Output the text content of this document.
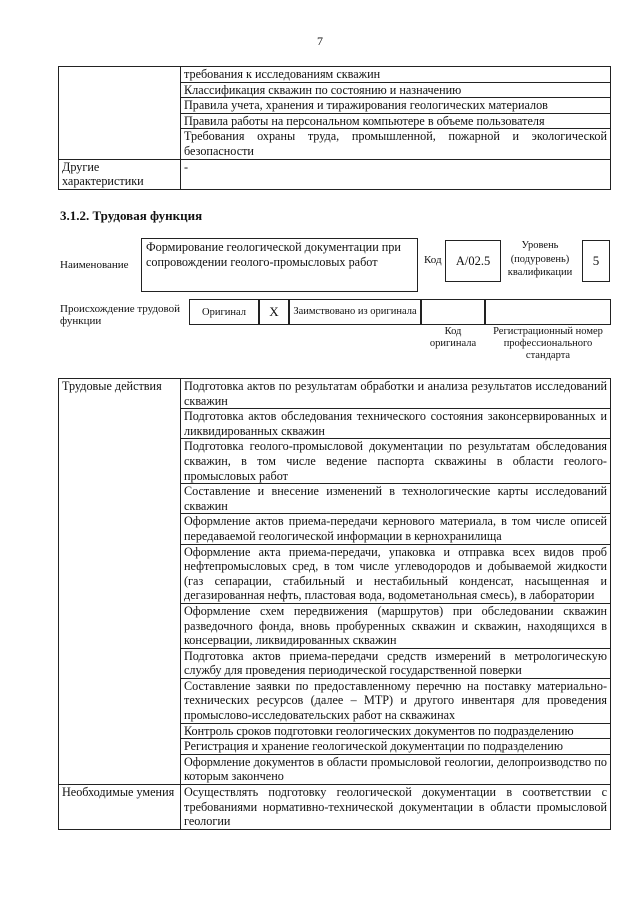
7
	требования к исследованиям скважин
	Классификация скважин по состоянию и назначению
	Правила учета, хранения и тиражирования геологических материалов
	Правила работы на персональном компьютере в объеме пользователя
	Требования охраны труда, промышленной, пожарной и экологической безопасности
Другие характеристики	-
3.1.2. Трудовая функция
Наименование
Формирование геологической документации при сопровождении геолого-промысловых работ	Код	А/02.5
Уровень (подуровень) квалификации
5
Происхождение трудовой функции
Оригинал	X	Заимствовано из оригинала
Код оригинала
Регистрационный номер профессионального стандарта
Трудовые действия	Подготовка актов по результатам обработки и анализа результатов исследований скважин
	Подготовка актов обследования технического состояния законсервированных и ликвидированных скважин
	Подготовка геолого-промысловой документации по результатам обследования скважин, в том числе ведение паспорта скважины в области геолого-промысловых работ
	Составление и внесение изменений в технологические карты исследований скважин
	Оформление актов приема-передачи кернового материала, в том числе описей передаваемой геологической информации в кернохранилища
	Оформление акта приема-передачи, упаковка и отправка всех видов проб нефтепромысловых сред, в том числе углеводородов и добываемой жидкости (газ сепарации, стабильный и нестабильный конденсат, насыщенная и дегазированная нефть, пластовая вода, водометанольная смесь), в лаборатории
	Оформление схем передвижения (маршрутов) при обследовании скважин разведочного фонда, вновь пробуренных скважин и скважин, находящихся в консервации, ликвидированных скважин
	Подготовка актов приема-передачи средств измерений в метрологическую службу для проведения периодической государственной поверки
	Составление заявки по предоставленному перечню на поставку материально-технических ресурсов (далее – МТР) и другого инвентаря для проведения промыслово-исследовательских работ на скважинах
	Контроль сроков подготовки геологических документов по подразделению
	Регистрация и хранение геологической документации по подразделению
	Оформление документов в области промысловой геологии, делопроизводство по которым закончено
Необходимые умения	Осуществлять подготовку геологической документации в соответствии с требованиями нормативно-технической документации в области промысловой геологии
